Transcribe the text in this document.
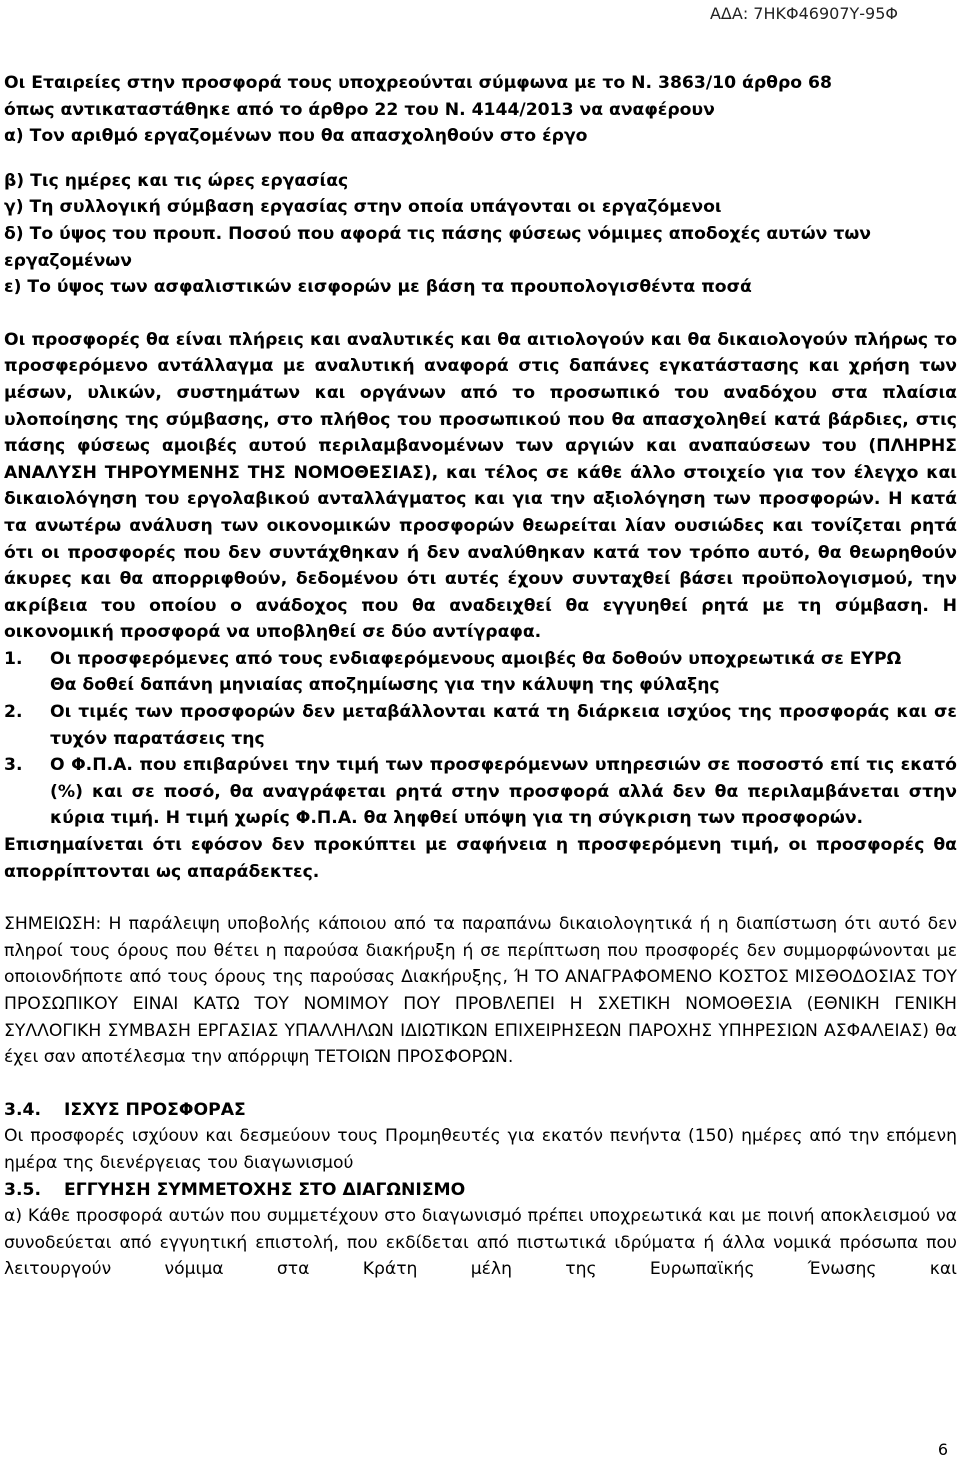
ΑΔΑ: 7ΗΚΦ46907Υ-95Φ

Οι Εταιρείες στην προσφορά τους υποχρεούνται σύμφωνα με το Ν. 3863/10 άρθρο 68

όπως αντικαταστάθηκε από το άρθρο 22 του Ν. 4144/2013 να αναφέρουν

α) Τον αριθμό εργαζομένων που θα απασχοληθούν στο έργο

β) Τις ημέρες και τις ώρες εργασίας

γ) Τη συλλογική σύμβαση εργασίας στην οποία υπάγονται οι εργαζόμενοι

δ) Το ύψος του προυπ. Ποσού που αφορά τις πάσης φύσεως νόμιμες αποδοχές αυτών των εργαζομένων

ε) Το ύψος των ασφαλιστικών εισφορών με βάση τα προυπολογισθέντα ποσά

Οι προσφορές θα είναι πλήρεις και αναλυτικές και θα αιτιολογούν και θα δικαιολογούν πλήρως το προσφερόμενο αντάλλαγμα με αναλυτική αναφορά στις δαπάνες εγκατάστασης και χρήση των μέσων, υλικών, συστημάτων και οργάνων από το προσωπικό του αναδόχου στα πλαίσια υλοποίησης της σύμβασης, στο πλήθος του προσωπικού που θα απασχοληθεί κατά βάρδιες, στις πάσης φύσεως αμοιβές αυτού περιλαμβανομένων των αργιών και αναπαύσεων του (ΠΛΗΡΗΣ ΑΝΑΛΥΣΗ ΤΗΡΟΥΜΕΝΗΣ ΤΗΣ ΝΟΜΟΘΕΣΙΑΣ), και τέλος σε κάθε άλλο στοιχείο για τον έλεγχο και δικαιολόγηση του εργολαβικού ανταλλάγματος και για την αξιολόγηση των προσφορών. Η κατά τα ανωτέρω ανάλυση των οικονομικών προσφορών θεωρείται λίαν ουσιώδες και τονίζεται ρητά ότι οι προσφορές που δεν συντάχθηκαν ή δεν αναλύθηκαν κατά τον τρόπο αυτό, θα θεωρηθούν άκυρες και θα απορριφθούν, δεδομένου ότι αυτές έχουν συνταχθεί βάσει προϋπολογισμού, την ακρίβεια του οποίου ο ανάδοχος που θα αναδειχθεί θα εγγυηθεί ρητά με τη σύμβαση. Η οικονομική προσφορά να υποβληθεί σε δύο αντίγραφα.

1.	Οι προσφερόμενες από τους ενδιαφερόμενους αμοιβές θα δοθούν υποχρεωτικά σε ΕΥΡΩ
Θα δοθεί δαπάνη μηνιαίας αποζημίωσης για την κάλυψη της φύλαξης
2.	Οι τιμές των προσφορών δεν μεταβάλλονται κατά τη διάρκεια ισχύος της προσφοράς και σε τυχόν παρατάσεις της
3.	Ο Φ.Π.Α. που επιβαρύνει την τιμή των προσφερόμενων υπηρεσιών σε ποσοστό επί τις εκατό (%) και σε ποσό, θα αναγράφεται ρητά στην προσφορά αλλά δεν θα περιλαμβάνεται στην κύρια τιμή. Η τιμή χωρίς Φ.Π.Α. θα ληφθεί υπόψη για τη σύγκριση των προσφορών.

Επισημαίνεται ότι εφόσον δεν προκύπτει με σαφήνεια η προσφερόμενη τιμή, οι προσφορές θα απορρίπτονται ως απαράδεκτες.

ΣΗΜΕΙΩΣΗ: Η παράλειψη υποβολής κάποιου από τα παραπάνω δικαιολογητικά ή η διαπίστωση ότι αυτό δεν πληροί τους όρους που θέτει η παρούσα διακήρυξη ή σε περίπτωση που προσφορές δεν συμμορφώνονται με οποιονδήποτε από τους όρους της παρούσας Διακήρυξης, Ή ΤΟ ΑΝΑΓΡΑΦΟΜΕΝΟ ΚΟΣΤΟΣ ΜΙΣΘΟΔΟΣΙΑΣ ΤΟΥ ΠΡΟΣΩΠΙΚΟΥ ΕΙΝΑΙ ΚΑΤΩ ΤΟΥ ΝΟΜΙΜΟΥ ΠΟΥ ΠΡΟΒΛΕΠΕΙ Η ΣΧΕΤΙΚΗ ΝΟΜΟΘΕΣΙΑ (ΕΘΝΙΚΗ ΓΕΝΙΚΗ ΣΥΛΛΟΓΙΚΗ ΣΥΜΒΑΣΗ ΕΡΓΑΣΙΑΣ ΥΠΑΛΛΗΛΩΝ ΙΔΙΩΤΙΚΩΝ ΕΠΙΧΕΙΡΗΣΕΩΝ ΠΑΡΟΧΗΣ ΥΠΗΡΕΣΙΩΝ ΑΣΦΑΛΕΙΑΣ) θα έχει σαν αποτέλεσμα την απόρριψη ΤΕΤΟΙΩΝ ΠΡΟΣΦΟΡΩΝ.

3.4.	ΙΣΧΥΣ ΠΡΟΣΦΟΡΑΣ

Οι προσφορές ισχύουν και δεσμεύουν τους Προμηθευτές για εκατόν πενήντα (150) ημέρες από την επόμενη ημέρα της διενέργειας του διαγωνισμού

3.5.	ΕΓΓΥΗΣΗ ΣΥΜΜΕΤΟΧΗΣ ΣΤΟ ΔΙΑΓΩΝΙΣΜΟ

α) Κάθε προσφορά αυτών που συμμετέχουν στο διαγωνισμό πρέπει υποχρεωτικά και με ποινή αποκλεισμού να συνοδεύεται από εγγυητική επιστολή, που εκδίδεται από πιστωτικά ιδρύματα ή άλλα νομικά πρόσωπα που λειτουργούν νόμιμα στα Κράτη μέλη της Ευρωπαϊκής Ένωσης και

6
